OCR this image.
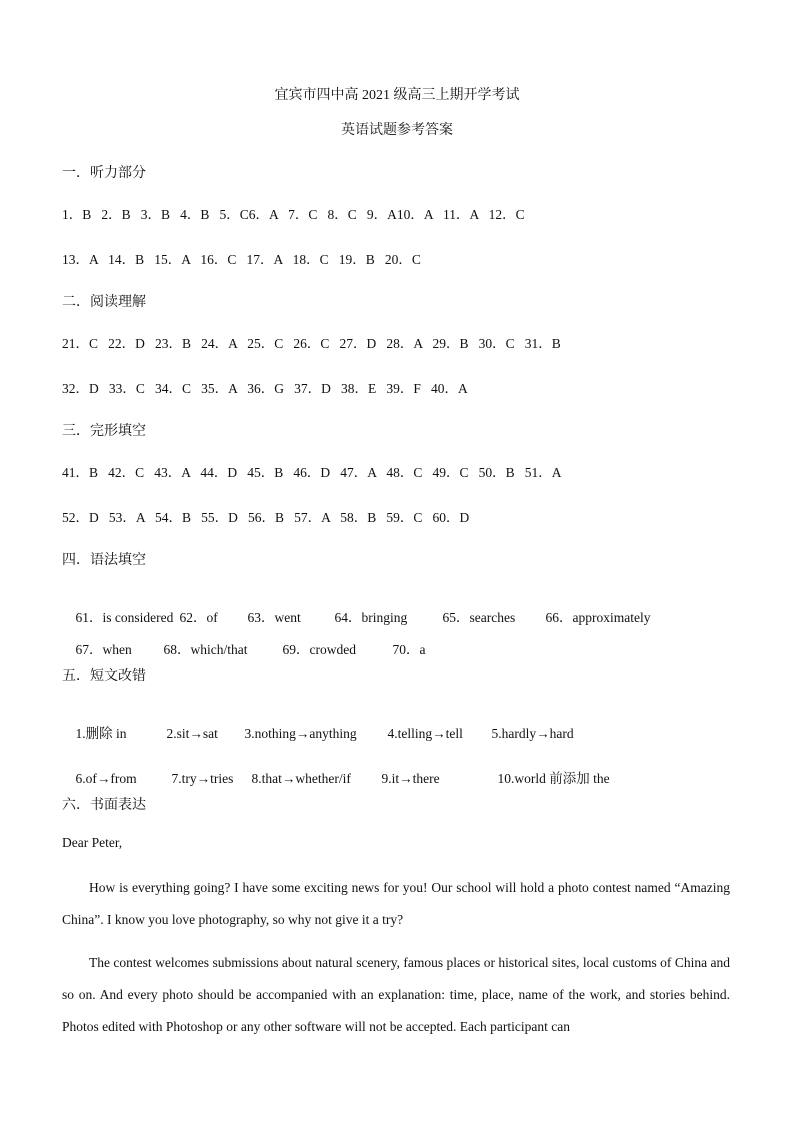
宜宾市四中高 2021 级高三上期开学考试
英语试题参考答案
一．听力部分
1．B   2．B   3．B   4．B   5．C6．A   7．C   8．C   9．A10．A   11．A   12．C
13．A   14．B   15．A   16．C   17．A   18．C   19．B   20．C
二．阅读理解
21．C   22．D   23．B   24．A   25．C   26．C   27．D   28．A   29．B   30．C   31．B
32．D   33．C   34．C   35．A   36．G   37．D   38．E   39．F   40．A
三．完形填空
41．B   42．C   43．A   44．D   45．B   46．D   47．A   48．C   49．C   50．B   51．A
52．D   53．A   54．B   55．D   56．B   57．A   58．B   59．C   60．D
四．语法填空

61．is considered 62．of 63．went	64．bringing	65．searches 66．approximately

67．when 68．which/that	69．crowded	70．a

五．短文改错

1.删除 in	2.sit→sat 3.nothing→anything 4.telling→tell 5.hardly→hard

6.of→from	7.try→tries 8.that→whether/if 9.it→there	10.world 前添加 the

六．书面表达
Dear Peter,
How is everything going? I have some exciting news for you! Our school will hold a photo contest named “Amazing China”. I know you love photography, so why not give it a try?
The contest welcomes submissions about natural scenery, famous places or historical sites, local customs of China and so on. And every photo should be accompanied with an explanation: time, place, name of the work, and stories behind. Photos edited with Photoshop or any other software will not be accepted. Each participant can
